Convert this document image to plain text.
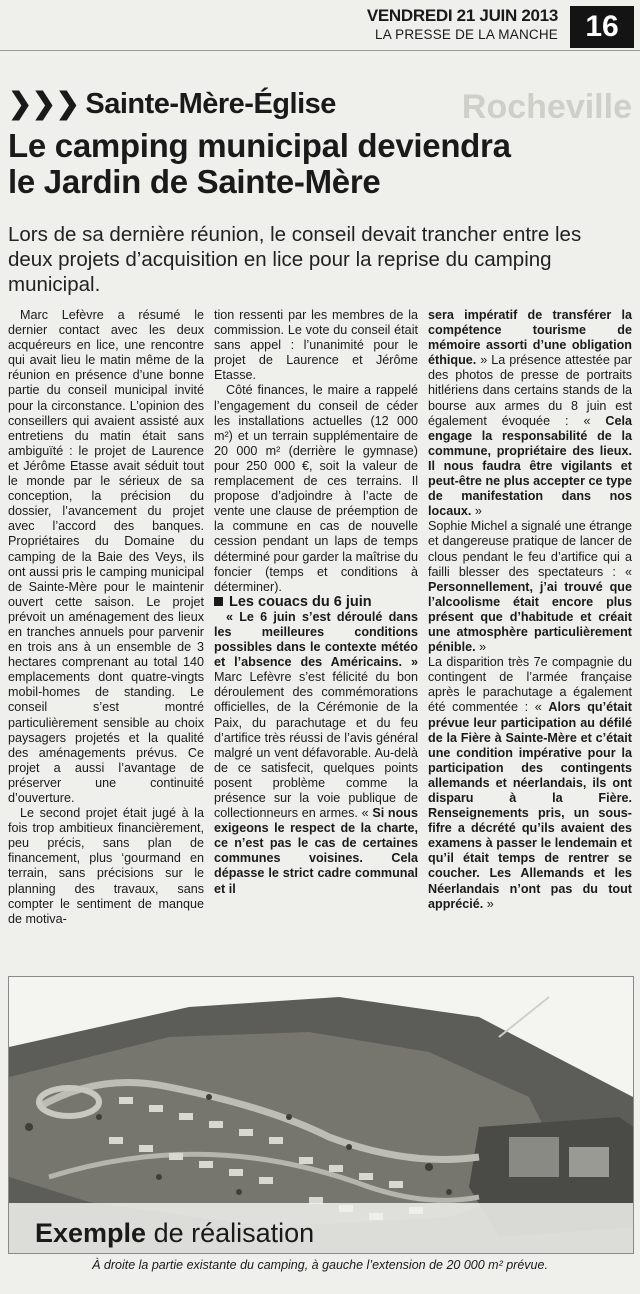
VENDREDI 21 JUIN 2013
LA PRESSE DE LA MANCHE 16
Rocheville
❯❯❯ Sainte-Mère-Église
Le camping municipal deviendra
le Jardin de Sainte-Mère

Lors de sa dernière réunion, le conseil devait trancher entre les deux projets d’acquisition en lice pour la reprise du camping municipal.

Marc Lefèvre a résumé le dernier contact avec les deux acquéreurs en lice, une rencontre qui avait lieu le matin même de la réunion en présence d’une bonne partie du conseil municipal invité pour la circonstance. L’opinion des conseillers qui avaient assisté aux entretiens du matin était sans ambiguïté : le projet de Laurence et Jérôme Etasse avait séduit tout le monde par le sérieux de sa conception, la précision du dossier, l’avancement du projet avec l’accord des banques. Propriétaires du Domaine du camping de la Baie des Veys, ils ont aussi pris le camping municipal de Sainte-Mère pour le maintenir ouvert cette saison. Le projet prévoit un aménagement des lieux en tranches annuels pour parvenir en trois ans à un ensemble de 3 hectares comprenant au total 140 emplacements dont quatre-vingts mobil-homes de standing. Le conseil s’est montré particulièrement sensible au choix paysagers projetés et la qualité des aménagements prévus. Ce projet a aussi l’avantage de préserver une continuité d’ouverture.

Le second projet était jugé à la fois trop ambitieux financièrement, peu précis, sans plan de financement, plus ‘gourmand en terrain, sans précisions sur le planning des travaux, sans compter le sentiment de manque de motiva-

tion ressenti par les membres de la commission. Le vote du conseil était sans appel : l’unanimité pour le projet de Laurence et Jérôme Etasse.

Côté finances, le maire a rappelé l’engagement du conseil de céder les installations actuelles (12 000 m²) et un terrain supplémentaire de 20 000 m² (derrière le gymnase) pour 250 000 €, soit la valeur de remplacement de ces terrains. Il propose d’adjoindre à l’acte de vente une clause de préemption de la commune en cas de nouvelle cession pendant un laps de temps déterminé pour garder la maîtrise du foncier (temps et conditions à déterminer).

Les couacs du 6 juin

« Le 6 juin s’est déroulé dans les meilleures conditions possibles dans le contexte météo et l’absence des Américains. » Marc Lefèvre s’est félicité du bon déroulement des commémorations officielles, de la Cérémonie de la Paix, du parachutage et du feu d’artifice très réussi de l’avis général malgré un vent défavorable. Au-delà de ce satisfecit, quelques points posent problème comme la présence sur la voie publique de collectionneurs en armes. « Si nous exigeons le respect de la charte, ce n’est pas le cas de certaines communes voisines. Cela dépasse le strict cadre communal et il

sera impératif de transférer la compétence tourisme de mémoire assorti d’une obligation éthique. » La présence attestée par des photos de presse de portraits hitlériens dans certains stands de la bourse aux armes du 8 juin est également évoquée : « Cela engage la responsabilité de la commune, propriétaire des lieux. Il nous faudra être vigilants et peut-être ne plus accepter ce type de manifestation dans nos locaux. »

Sophie Michel a signalé une étrange et dangereuse pratique de lancer de clous pendant le feu d’artifice qui a failli blesser des spectateurs : « Personnellement, j’ai trouvé que l’alcoolisme était encore plus présent que d’habitude et créait une atmosphère particulièrement pénible. »

La disparition très 7e compagnie du contingent de l’armée française après le parachutage a également été commentée : « Alors qu’était prévue leur participation au défilé de la Fière à Sainte-Mère et c’était une condition impérative pour la participation des contingents allemands et néerlandais, ils ont disparu à la Fière. Renseignements pris, un sous-fifre a décrété qu’ils avaient des examens à passer le lendemain et qu’il était temps de rentrer se coucher. Les Allemands et les Néerlandais n’ont pas du tout apprécié. »

Exemple de réalisation
À droite la partie existante du camping, à gauche l’extension de 20 000 m² prévue.
